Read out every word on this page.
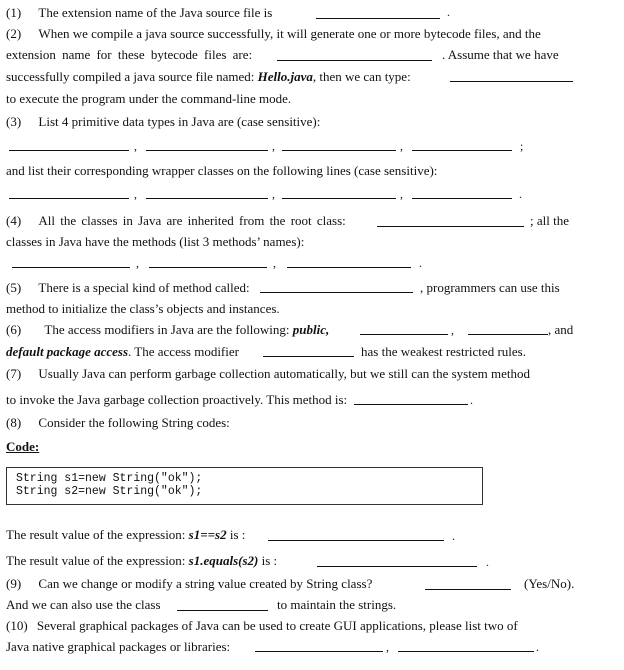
(1) The extension name of the Java source file is	.
(2) When we compile a java source successfully, it will generate one or more bytecode files, and the
extension name for these bytecode files are:	. Assume that we have
successfully compiled a java source file named: Hello.java, then we can type:
to execute the program under the command-line mode.
(3) List 4 primitive data types in Java are (case sensitive):
,	,	,	;
and list their corresponding wrapper classes on the following lines (case sensitive):
,	,	,	.
(4) All the classes in Java are inherited from the root class:	; all the
classes in Java have the methods (list 3 methods’ names):
,	,	.
(5) There is a special kind of method called:	, programmers can use this
method to initialize the class’s objects and instances.
(6) The access modifiers in Java are the following: public,	,	, and
default package access. The access modifier	has the weakest restricted rules.
(7) Usually Java can perform garbage collection automatically, but we still can the system method
to invoke the Java garbage collection proactively. This method is:	.
(8) Consider the following String codes:
Code:
String s1=new String("ok");
String s2=new String("ok");
The result value of the expression: s1==s2 is :	.
The result value of the expression: s1.equals(s2) is :	.
(9) Can we change or modify a string value created by String class?	(Yes/No).
And we can also use the class	to maintain the strings.
(10) Several graphical packages of Java can be used to create GUI applications, please list two of
Java native graphical packages or libraries:	,	.
